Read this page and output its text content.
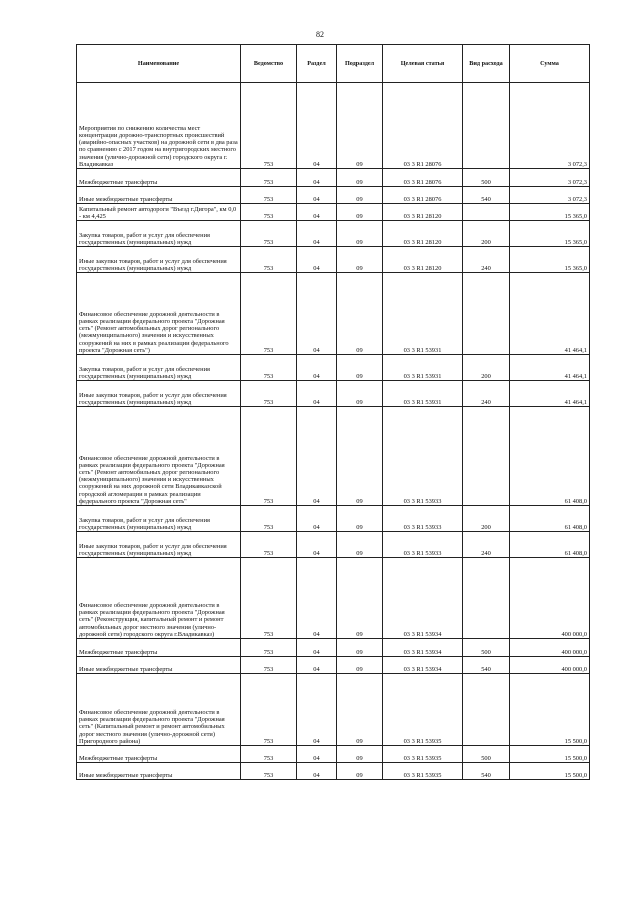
82
Наименование	Ведомство	Раздел	Подраздел	Целевая статья	Вид расхода	Сумма
Мероприятия по снижению количества мест концентрации дорожно-транспортных происшествий (аварийно-опасных участков) на дорожной сети в два раза по сравнению с 2017 годом на внутригородских местного значения (улично-дорожной сети) городского округа г. Владикавказ	753	04	09	03 3 R1 28076		3 072,3
Межбюджетные трансферты	753	04	09	03 3 R1 28076	500	3 072,3
Иные межбюджетные трансферты	753	04	09	03 3 R1 28076	540	3 072,3
Капитальный ремонт автодороги "Въезд г.Дигора", км 0,0 - км 4,425	753	04	09	03 3 R1 28120		15 365,0
Закупка товаров, работ и услуг для обеспечения государственных (муниципальных) нужд	753	04	09	03 3 R1 28120	200	15 365,0
Иные закупки товаров, работ и услуг для обеспечения государственных (муниципальных) нужд	753	04	09	03 3 R1 28120	240	15 365,0
Финансовое обеспечение дорожной деятельности в рамках реализации федерального проекта "Дорожная сеть" (Ремонт автомобильных дорог регионального (межмуниципального) значения и искусственных сооружений на них в рамках реализации федерального проекта "Дорожная сеть")	753	04	09	03 3 R1 53931		41 464,1
Закупка товаров, работ и услуг для обеспечения государственных (муниципальных) нужд	753	04	09	03 3 R1 53931	200	41 464,1
Иные закупки товаров, работ и услуг для обеспечения государственных (муниципальных) нужд	753	04	09	03 3 R1 53931	240	41 464,1
Финансовое обеспечение дорожной деятельности в рамках реализации федерального проекта "Дорожная сеть" (Ремонт автомобильных дорог регионального (межмуниципального) значения и искусственных сооружений на них дорожной сети Владикавказской городской агломерации в рамках реализации федерального проекта "Дорожная сеть"	753	04	09	03 3 R1 53933		61 408,0
Закупка товаров, работ и услуг для обеспечения государственных (муниципальных) нужд	753	04	09	03 3 R1 53933	200	61 408,0
Иные закупки товаров, работ и услуг для обеспечения государственных (муниципальных) нужд	753	04	09	03 3 R1 53933	240	61 408,0
Финансовое обеспечение дорожной деятельности в рамках реализации федерального проекта "Дорожная сеть" (Реконструкция, капитальный ремонт и ремонт автомобильных дорог местного значения (улично-дорожной сети) городского округа г.Владикавказ)	753	04	09	03 3 R1 53934		400 000,0
Межбюджетные трансферты	753	04	09	03 3 R1 53934	500	400 000,0
Иные межбюджетные трансферты	753	04	09	03 3 R1 53934	540	400 000,0
Финансовое обеспечение дорожной деятельности в рамках реализации федерального проекта "Дорожная сеть" (Капитальный ремонт и ремонт автомобильных дорог местного значения (улично-дорожной сети) Пригородного района)	753	04	09	03 3 R1 53935		15 500,0
Межбюджетные трансферты	753	04	09	03 3 R1 53935	500	15 500,0
Иные межбюджетные трансферты	753	04	09	03 3 R1 53935	540	15 500,0
